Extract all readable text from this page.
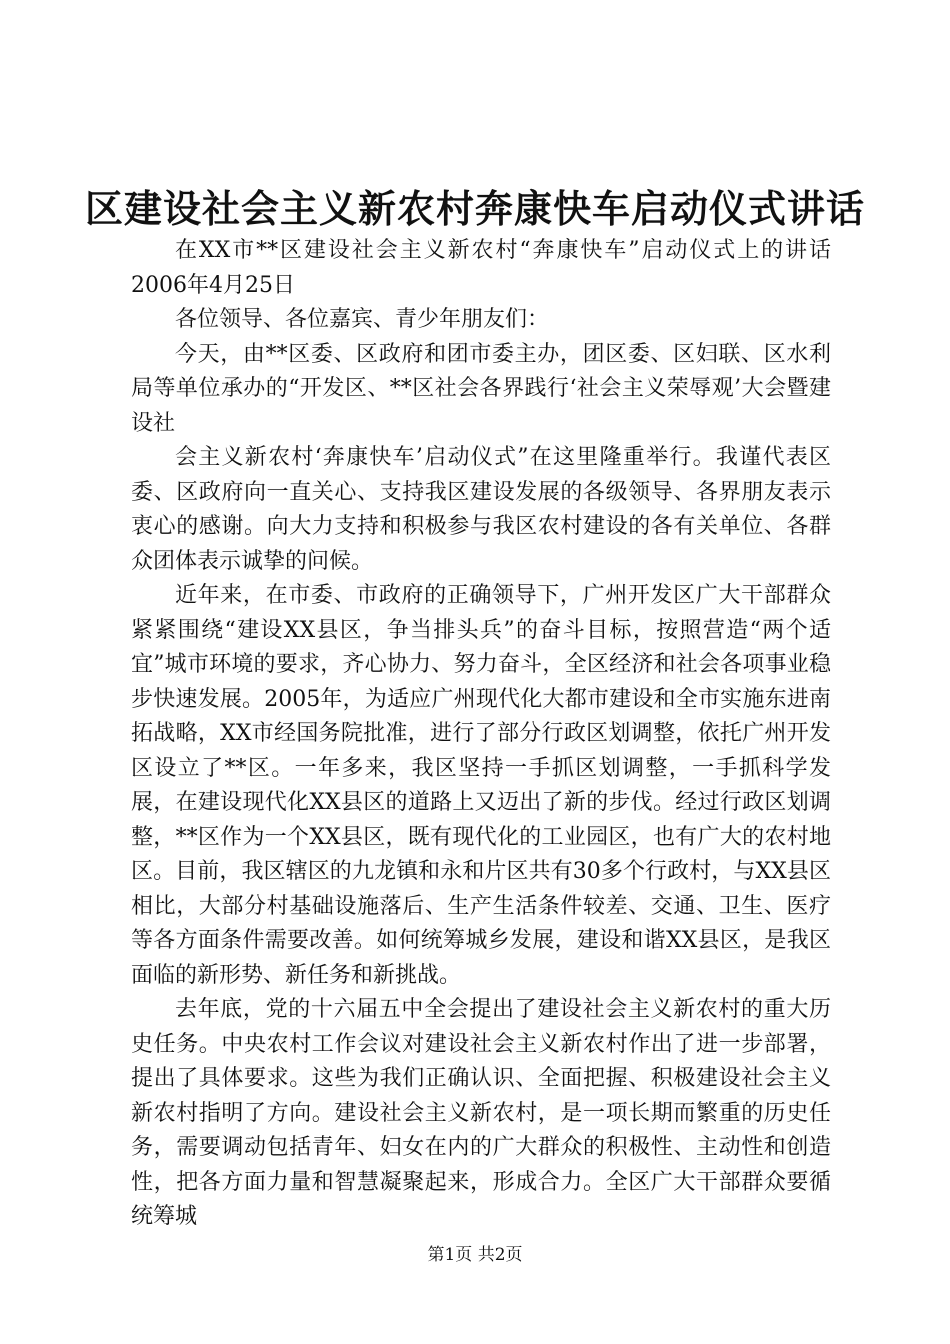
区建设社会主义新农村奔康快车启动仪式讲话

在XX市**区建设社会主义新农村“奔康快车”启动仪式上的讲话2006年4月25日

各位领导、各位嘉宾、青少年朋友们：

今天，由**区委、区政府和团市委主办，团区委、区妇联、区水利局等单位承办的“开发区、**区社会各界践行‘社会主义荣辱观’大会暨建设社

会主义新农村‘奔康快车’启动仪式”在这里隆重举行。我谨代表区委、区政府向一直关心、支持我区建设发展的各级领导、各界朋友表示衷心的感谢。向大力支持和积极参与我区农村建设的各有关单位、各群众团体表示诚挚的问候。

近年来，在市委、市政府的正确领导下，广州开发区广大干部群众紧紧围绕“建设XX县区，争当排头兵”的奋斗目标，按照营造“两个适宜”城市环境的要求，齐心协力、努力奋斗，全区经济和社会各项事业稳步快速发展。2005年，为适应广州现代化大都市建设和全市实施东进南拓战略，XX市经国务院批准，进行了部分行政区划调整，依托广州开发区设立了**区。一年多来，我区坚持一手抓区划调整，一手抓科学发展，在建设现代化XX县区的道路上又迈出了新的步伐。经过行政区划调整，**区作为一个XX县区，既有现代化的工业园区，也有广大的农村地区。目前，我区辖区的九龙镇和永和片区共有30多个行政村，与XX县区相比，大部分村基础设施落后、生产生活条件较差、交通、卫生、医疗等各方面条件需要改善。如何统筹城乡发展，建设和谐XX县区，是我区面临的新形势、新任务和新挑战。

去年底，党的十六届五中全会提出了建设社会主义新农村的重大历史任务。中央农村工作会议对建设社会主义新农村作出了进一步部署，提出了具体要求。这些为我们正确认识、全面把握、积极建设社会主义新农村指明了方向。建设社会主义新农村，是一项长期而繁重的历史任务，需要调动包括青年、妇女在内的广大群众的积极性、主动性和创造性，把各方面力量和智慧凝聚起来，形成合力。全区广大干部群众要循统筹城

第1页 共2页
